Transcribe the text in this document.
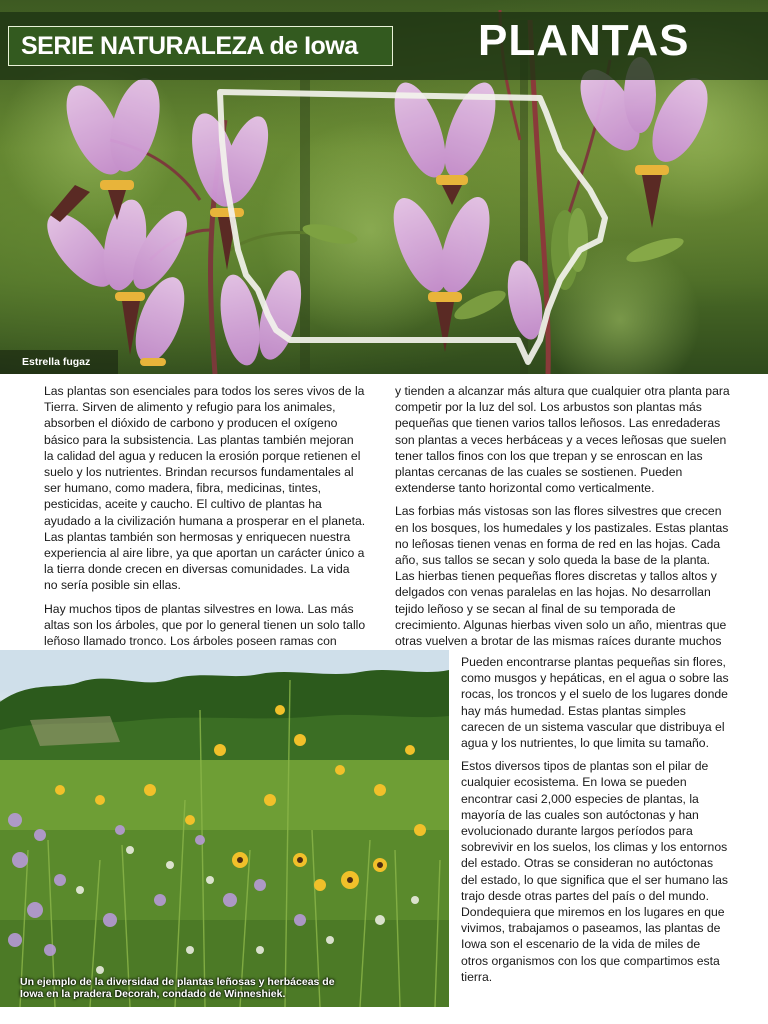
SERIE NATURALEZA de Iowa	PLANTAS
Estrella fugaz

Las plantas son esenciales para todos los seres vivos de la Tierra. Sirven de alimento y refugio para los animales, absorben el dióxido de carbono y producen el oxígeno básico para la subsistencia. Las plantas también mejoran la calidad del agua y reducen la erosión porque retienen el suelo y los nutrientes. Brindan recursos fundamentales al ser humano, como madera, fibra, medicinas, tintes, pesticidas, aceite y caucho. El cultivo de plantas ha ayudado a la civilización humana a prosperar en el planeta. Las plantas también son hermosas y enriquecen nuestra experiencia al aire libre, ya que aportan un carácter único a la tierra donde crecen en diversas comunidades. La vida no sería posible sin ellas.

Hay muchos tipos de plantas silvestres en Iowa. Las más altas son los árboles, que por lo general tienen un solo tallo leñoso llamado tronco. Los árboles poseen ramas con

y tienden a alcanzar más altura que cualquier otra planta para competir por la luz del sol. Los arbustos son plantas más pequeñas que tienen varios tallos leñosos. Las enredaderas son plantas a veces herbáceas y a veces leñosas que suelen tener tallos finos con los que trepan y se enroscan en las plantas cercanas de las cuales se sostienen. Pueden extenderse tanto horizontal como verticalmente.

Las forbias más vistosas son las flores silvestres que crecen en los bosques, los humedales y los pastizales. Estas plantas no leñosas tienen venas en forma de red en las hojas. Cada año, sus tallos se secan y solo queda la base de la planta. Las hierbas tienen pequeñas flores discretas y tallos altos y delgados con venas paralelas en las hojas. No desarrollan tejido leñoso y se secan al final de su temporada de crecimiento. Algunas hierbas viven solo un año, mientras que otras vuelven a brotar de las mismas raíces durante muchos

Pueden encontrarse plantas pequeñas sin flores, como musgos y hepáticas, en el agua o sobre las rocas, los troncos y el suelo de los lugares donde hay más humedad. Estas plantas simples carecen de un sistema vascular que distribuya el agua y los nutrientes, lo que limita su tamaño.

Estos diversos tipos de plantas son el pilar de cualquier ecosistema. En Iowa se pueden encontrar casi 2,000 especies de plantas, la mayoría de las cuales son autóctonas y han evolucionado durante largos períodos para sobrevivir en los suelos, los climas y los entornos del estado. Otras se consideran no autóctonas del estado, lo que significa que el ser humano las trajo desde otras partes del país o del mundo. Dondequiera que miremos en los lugares en que vivimos, trabajamos o paseamos, las plantas de Iowa son el escenario de la vida de miles de otros organismos con los que compartimos esta tierra.

Un ejemplo de la diversidad de plantas leñosas y herbáceas de Iowa en la pradera Decorah, condado de Winneshiek.
